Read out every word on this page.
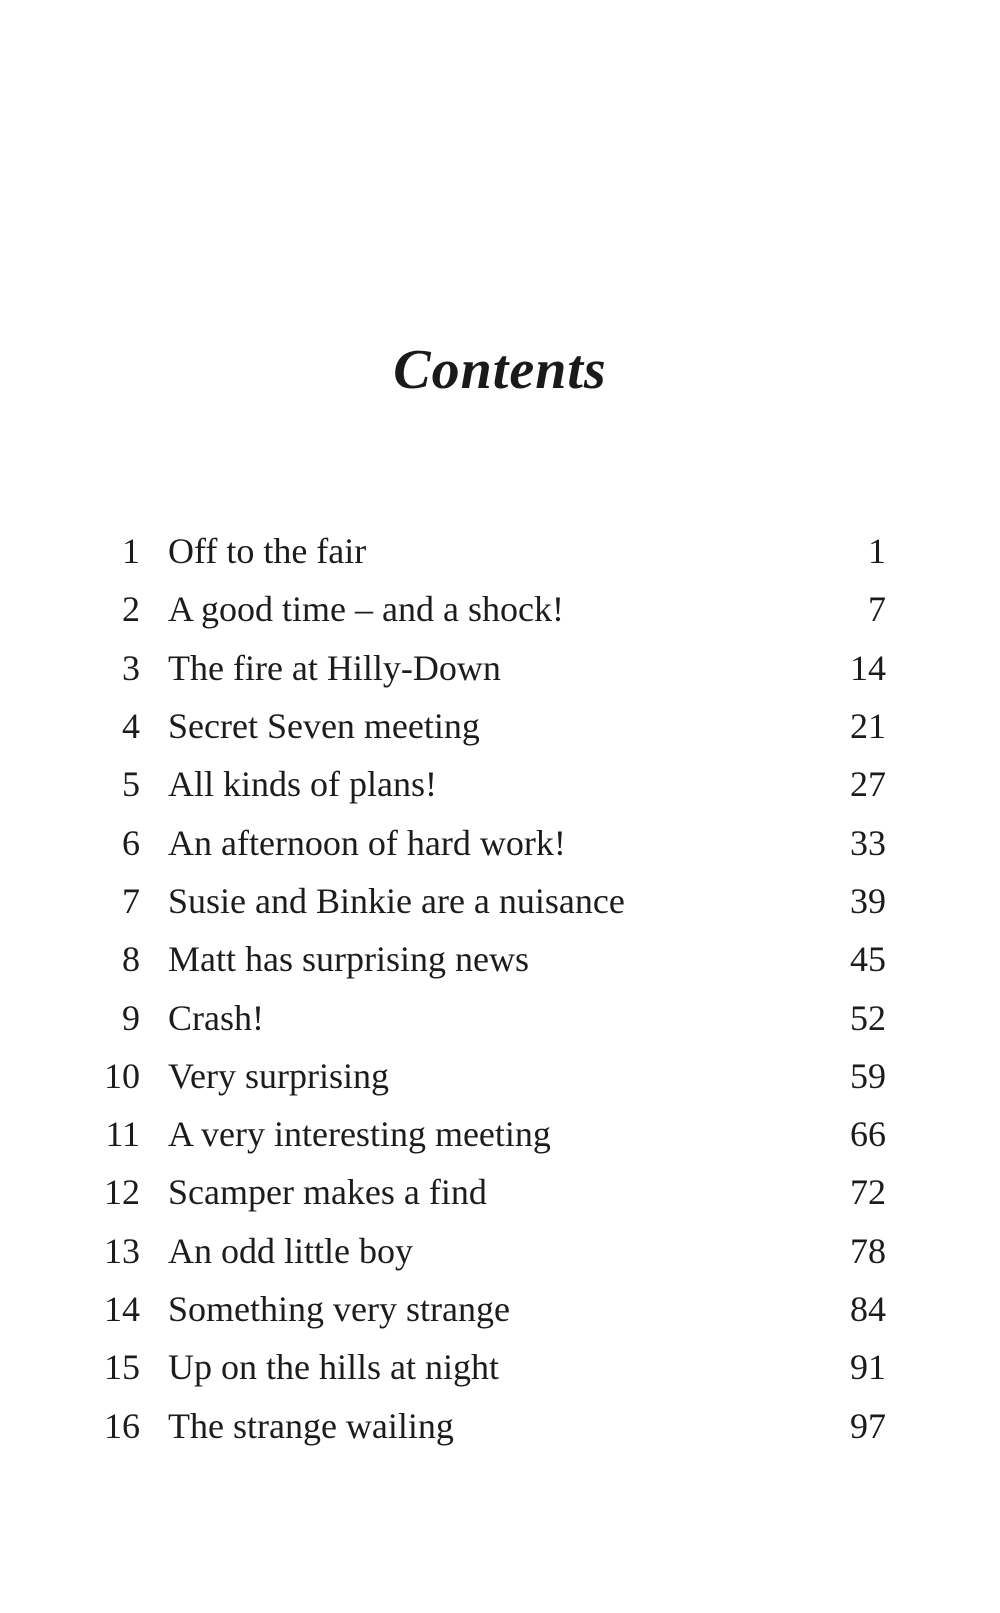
Contents
1 Off to the fair	1
2 A good time – and a shock!	7
3 The fire at Hilly-Down	14
4 Secret Seven meeting	21
5 All kinds of plans!	27
6 An afternoon of hard work!	33
7 Susie and Binkie are a nuisance	39
8 Matt has surprising news	45
9 Crash!	52
10 Very surprising	59
11 A very interesting meeting	66
12 Scamper makes a find	72
13 An odd little boy	78
14 Something very strange	84
15 Up on the hills at night	91
16 The strange wailing	97
